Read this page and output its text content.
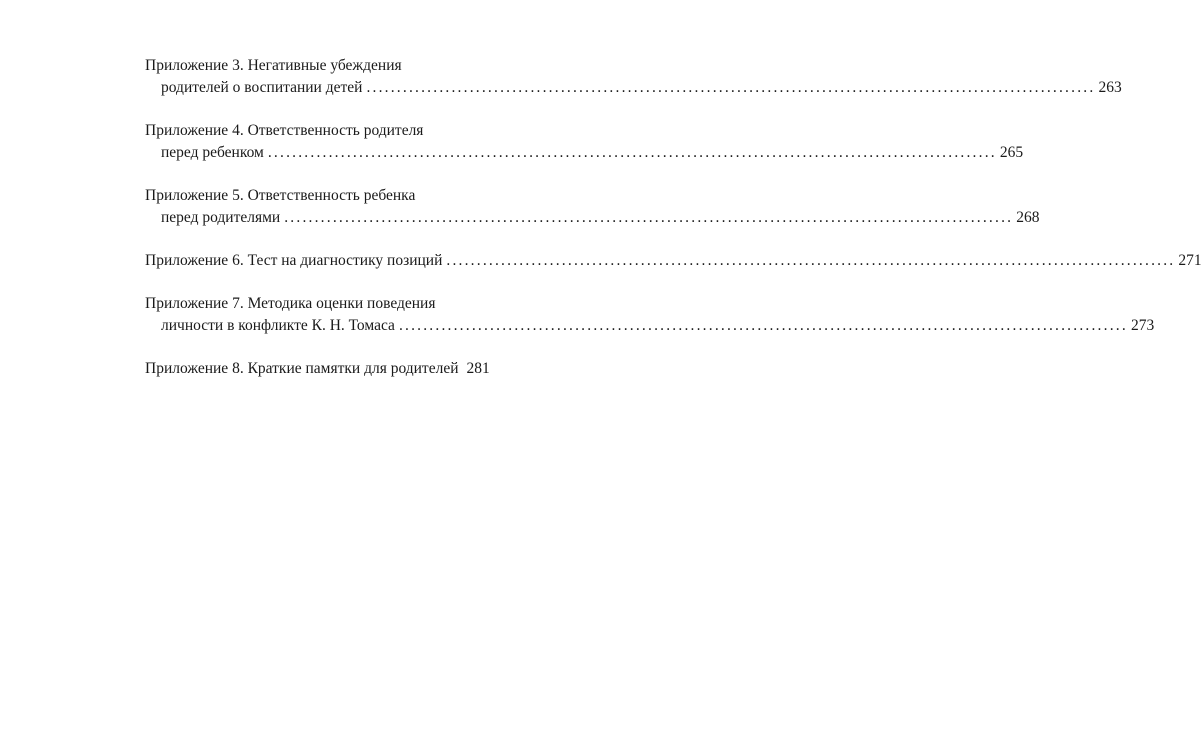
Приложение 3. Негативные убеждения
родителей о воспитании детей ........................................................................................................................ 263
Приложение 4. Ответственность родителя
перед ребенком ........................................................................................................................ 265
Приложение 5. Ответственность ребенка
перед родителями ........................................................................................................................ 268
Приложение 6. Тест на диагностику позиций ........................................................................................................................ 271
Приложение 7. Методика оценки поведения
личности в конфликте К. Н. Томаса ........................................................................................................................ 273
Приложение 8. Краткие памятки для родителей 281
